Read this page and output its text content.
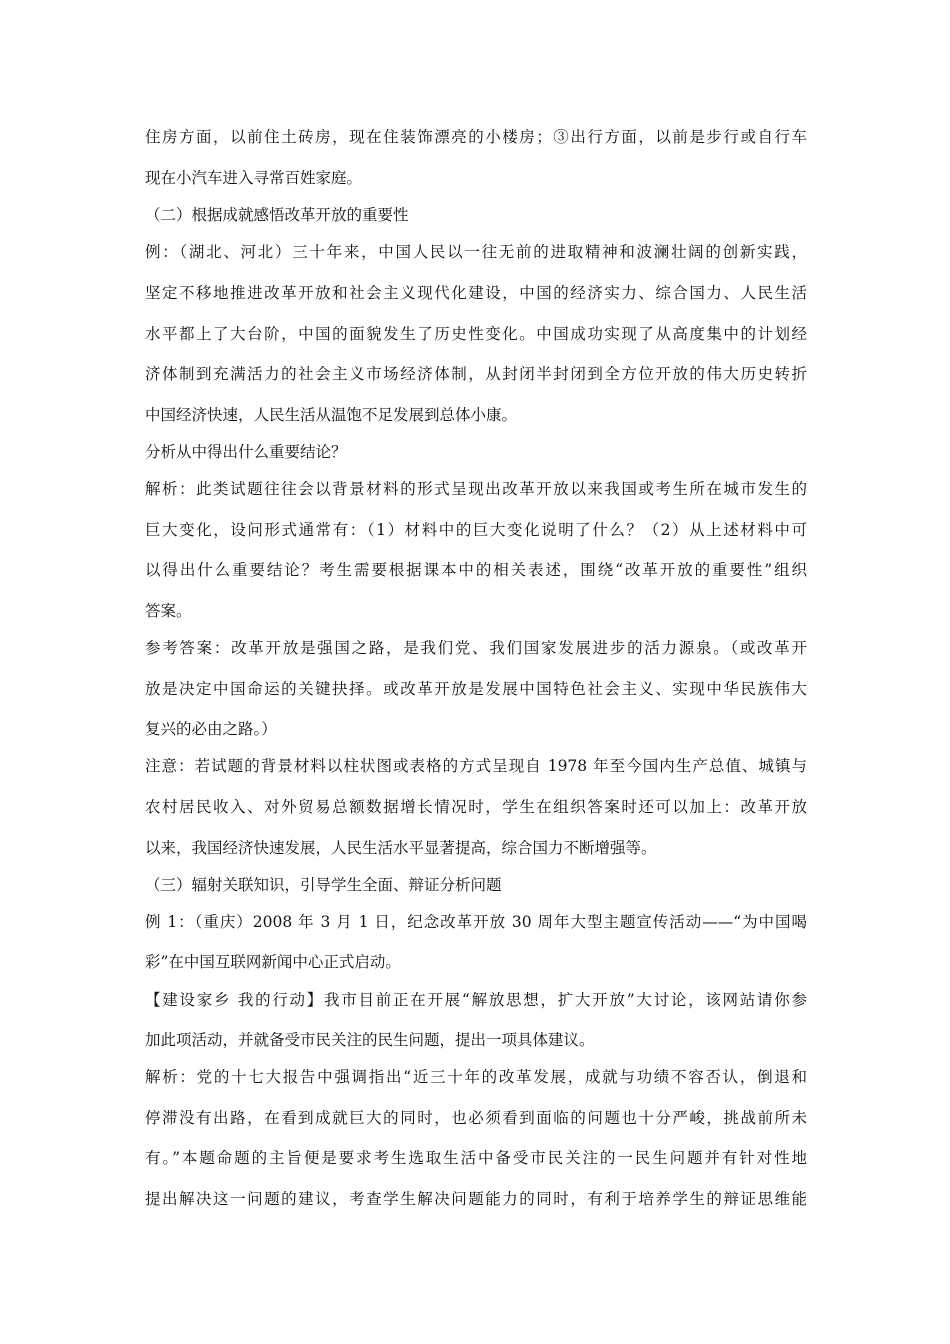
住房方面，以前住土砖房，现在住装饰漂亮的小楼房；③出行方面，以前是步行或自行车
现在小汽车进入寻常百姓家庭。
（二）根据成就感悟改革开放的重要性
例：（湖北、河北）三十年来，中国人民以一往无前的进取精神和波澜壮阔的创新实践，
坚定不移地推进改革开放和社会主义现代化建设，中国的经济实力、综合国力、人民生活
水平都上了大台阶，中国的面貌发生了历史性变化。中国成功实现了从高度集中的计划经
济体制到充满活力的社会主义市场经济体制，从封闭半封闭到全方位开放的伟大历史转折
中国经济快速，人民生活从温饱不足发展到总体小康。
分析从中得出什么重要结论？
解析：此类试题往往会以背景材料的形式呈现出改革开放以来我国或考生所在城市发生的
巨大变化，设问形式通常有：（1）材料中的巨大变化说明了什么？（2）从上述材料中可
以得出什么重要结论？考生需要根据课本中的相关表述，围绕“改革开放的重要性”组织
答案。
参考答案：改革开放是强国之路，是我们党、我们国家发展进步的活力源泉。（或改革开
放是决定中国命运的关键抉择。或改革开放是发展中国特色社会主义、实现中华民族伟大
复兴的必由之路。）
注意：若试题的背景材料以柱状图或表格的方式呈现自 1978 年至今国内生产总值、城镇与
农村居民收入、对外贸易总额数据增长情况时，学生在组织答案时还可以加上：改革开放
以来，我国经济快速发展，人民生活水平显著提高，综合国力不断增强等。
（三）辐射关联知识，引导学生全面、辩证分析问题
例 1：（重庆）2008 年 3 月 1 日，纪念改革开放 30 周年大型主题宣传活动——“为中国喝
彩”在中国互联网新闻中心正式启动。
【建设家乡 我的行动】我市目前正在开展“解放思想，扩大开放”大讨论，该网站请你参
加此项活动，并就备受市民关注的民生问题，提出一项具体建议。
解析：党的十七大报告中强调指出“近三十年的改革发展，成就与功绩不容否认，倒退和
停滞没有出路，在看到成就巨大的同时，也必须看到面临的问题也十分严峻，挑战前所未
有。”本题命题的主旨便是要求考生选取生活中备受市民关注的一民生问题并有针对性地
提出解决这一问题的建议，考查学生解决问题能力的同时，有利于培养学生的辩证思维能
